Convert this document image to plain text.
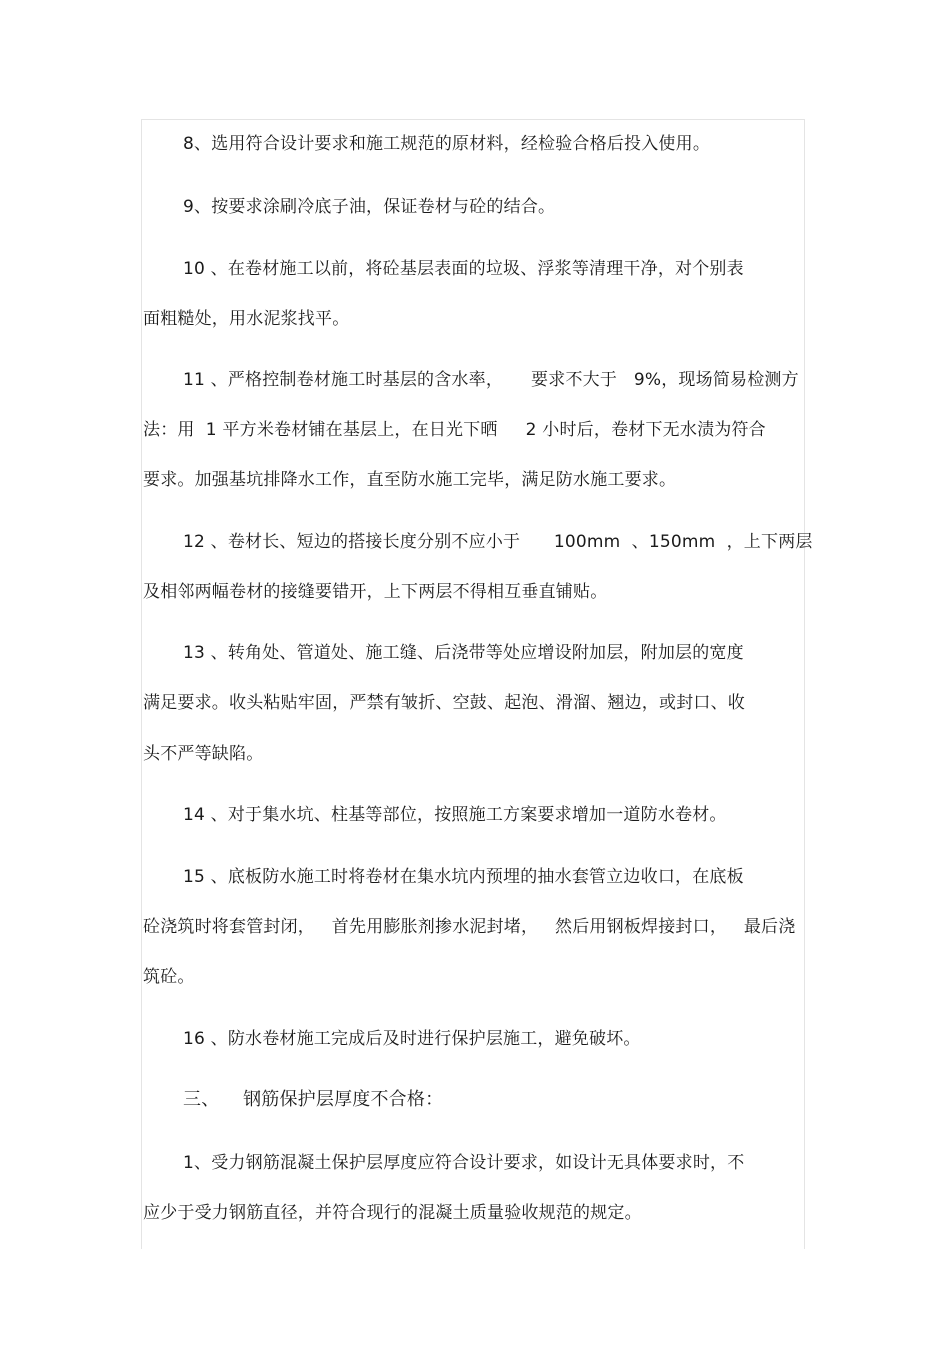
8、选用符合设计要求和施工规范的原材料，经检验合格后投入使用。
9、按要求涂刷冷底子油，保证卷材与砼的结合。
10 、在卷材施工以前，将砼基层表面的垃圾、浮浆等清理干净，对个别表
面粗糙处，用水泥浆找平。
11 、严格控制卷材施工时基层的含水率，     要求不大于   9%，现场简易检测方
法：用  1 平方米卷材铺在基层上，在日光下晒     2 小时后，卷材下无水渍为符合
要求。加强基坑排降水工作，直至防水施工完毕，满足防水施工要求。
12 、卷材长、短边的搭接长度分别不应小于      100mm  、150mm  ，上下两层
及相邻两幅卷材的接缝要错开，上下两层不得相互垂直铺贴。
13 、转角处、管道处、施工缝、后浇带等处应增设附加层，附加层的宽度
满足要求。收头粘贴牢固，严禁有皱折、空鼓、起泡、滑溜、翘边，或封口、收
头不严等缺陷。
14 、对于集水坑、柱基等部位，按照施工方案要求增加一道防水卷材。
15 、底板防水施工时将卷材在集水坑内预埋的抽水套管立边收口，在底板
砼浇筑时将套管封闭，   首先用膨胀剂掺水泥封堵，   然后用钢板焊接封口，   最后浇
筑砼。
16 、防水卷材施工完成后及时进行保护层施工，避免破坏。
三、    钢筋保护层厚度不合格：
1、受力钢筋混凝土保护层厚度应符合设计要求，如设计无具体要求时，不
应少于受力钢筋直径，并符合现行的混凝土质量验收规范的规定。
